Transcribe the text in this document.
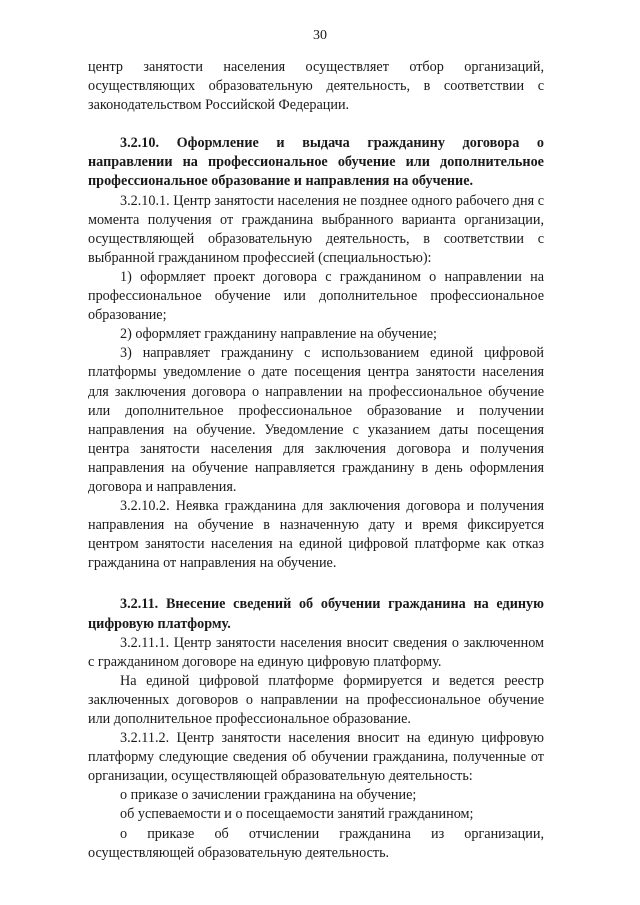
30

центр занятости населения осуществляет отбор организаций, осуществляющих образовательную деятельность, в соответствии с законодательством Российской Федерации.

3.2.10. Оформление и выдача гражданину договора о направлении на профессиональное обучение или дополнительное профессиональное образование и направления на обучение.

3.2.10.1. Центр занятости населения не позднее одного рабочего дня с момента получения от гражданина выбранного варианта организации, осуществляющей образовательную деятельность, в соответствии с выбранной гражданином профессией (специальностью):

1) оформляет проект договора с гражданином о направлении на профессиональное обучение или дополнительное профессиональное образование;

2) оформляет гражданину направление на обучение;

3) направляет гражданину с использованием единой цифровой платформы уведомление о дате посещения центра занятости населения для заключения договора о направлении на профессиональное обучение или дополнительное профессиональное образование и получении направления на обучение. Уведомление с указанием даты посещения центра занятости населения для заключения договора и получения направления на обучение направляется гражданину в день оформления договора и направления.

3.2.10.2. Неявка гражданина для заключения договора и получения направления на обучение в назначенную дату и время фиксируется центром занятости населения на единой цифровой платформе как отказ гражданина от направления на обучение.

3.2.11. Внесение сведений об обучении гражданина на единую цифровую платформу.

3.2.11.1. Центр занятости населения вносит сведения о заключенном с гражданином договоре на единую цифровую платформу.

На единой цифровой платформе формируется и ведется реестр заключенных договоров о направлении на профессиональное обучение или дополнительное профессиональное образование.

3.2.11.2. Центр занятости населения вносит на единую цифровую платформу следующие сведения об обучении гражданина, полученные от организации, осуществляющей образовательную деятельность:

о приказе о зачислении гражданина на обучение;

об успеваемости и о посещаемости занятий гражданином;

о приказе об отчислении гражданина из организации, осуществляющей образовательную деятельность.
